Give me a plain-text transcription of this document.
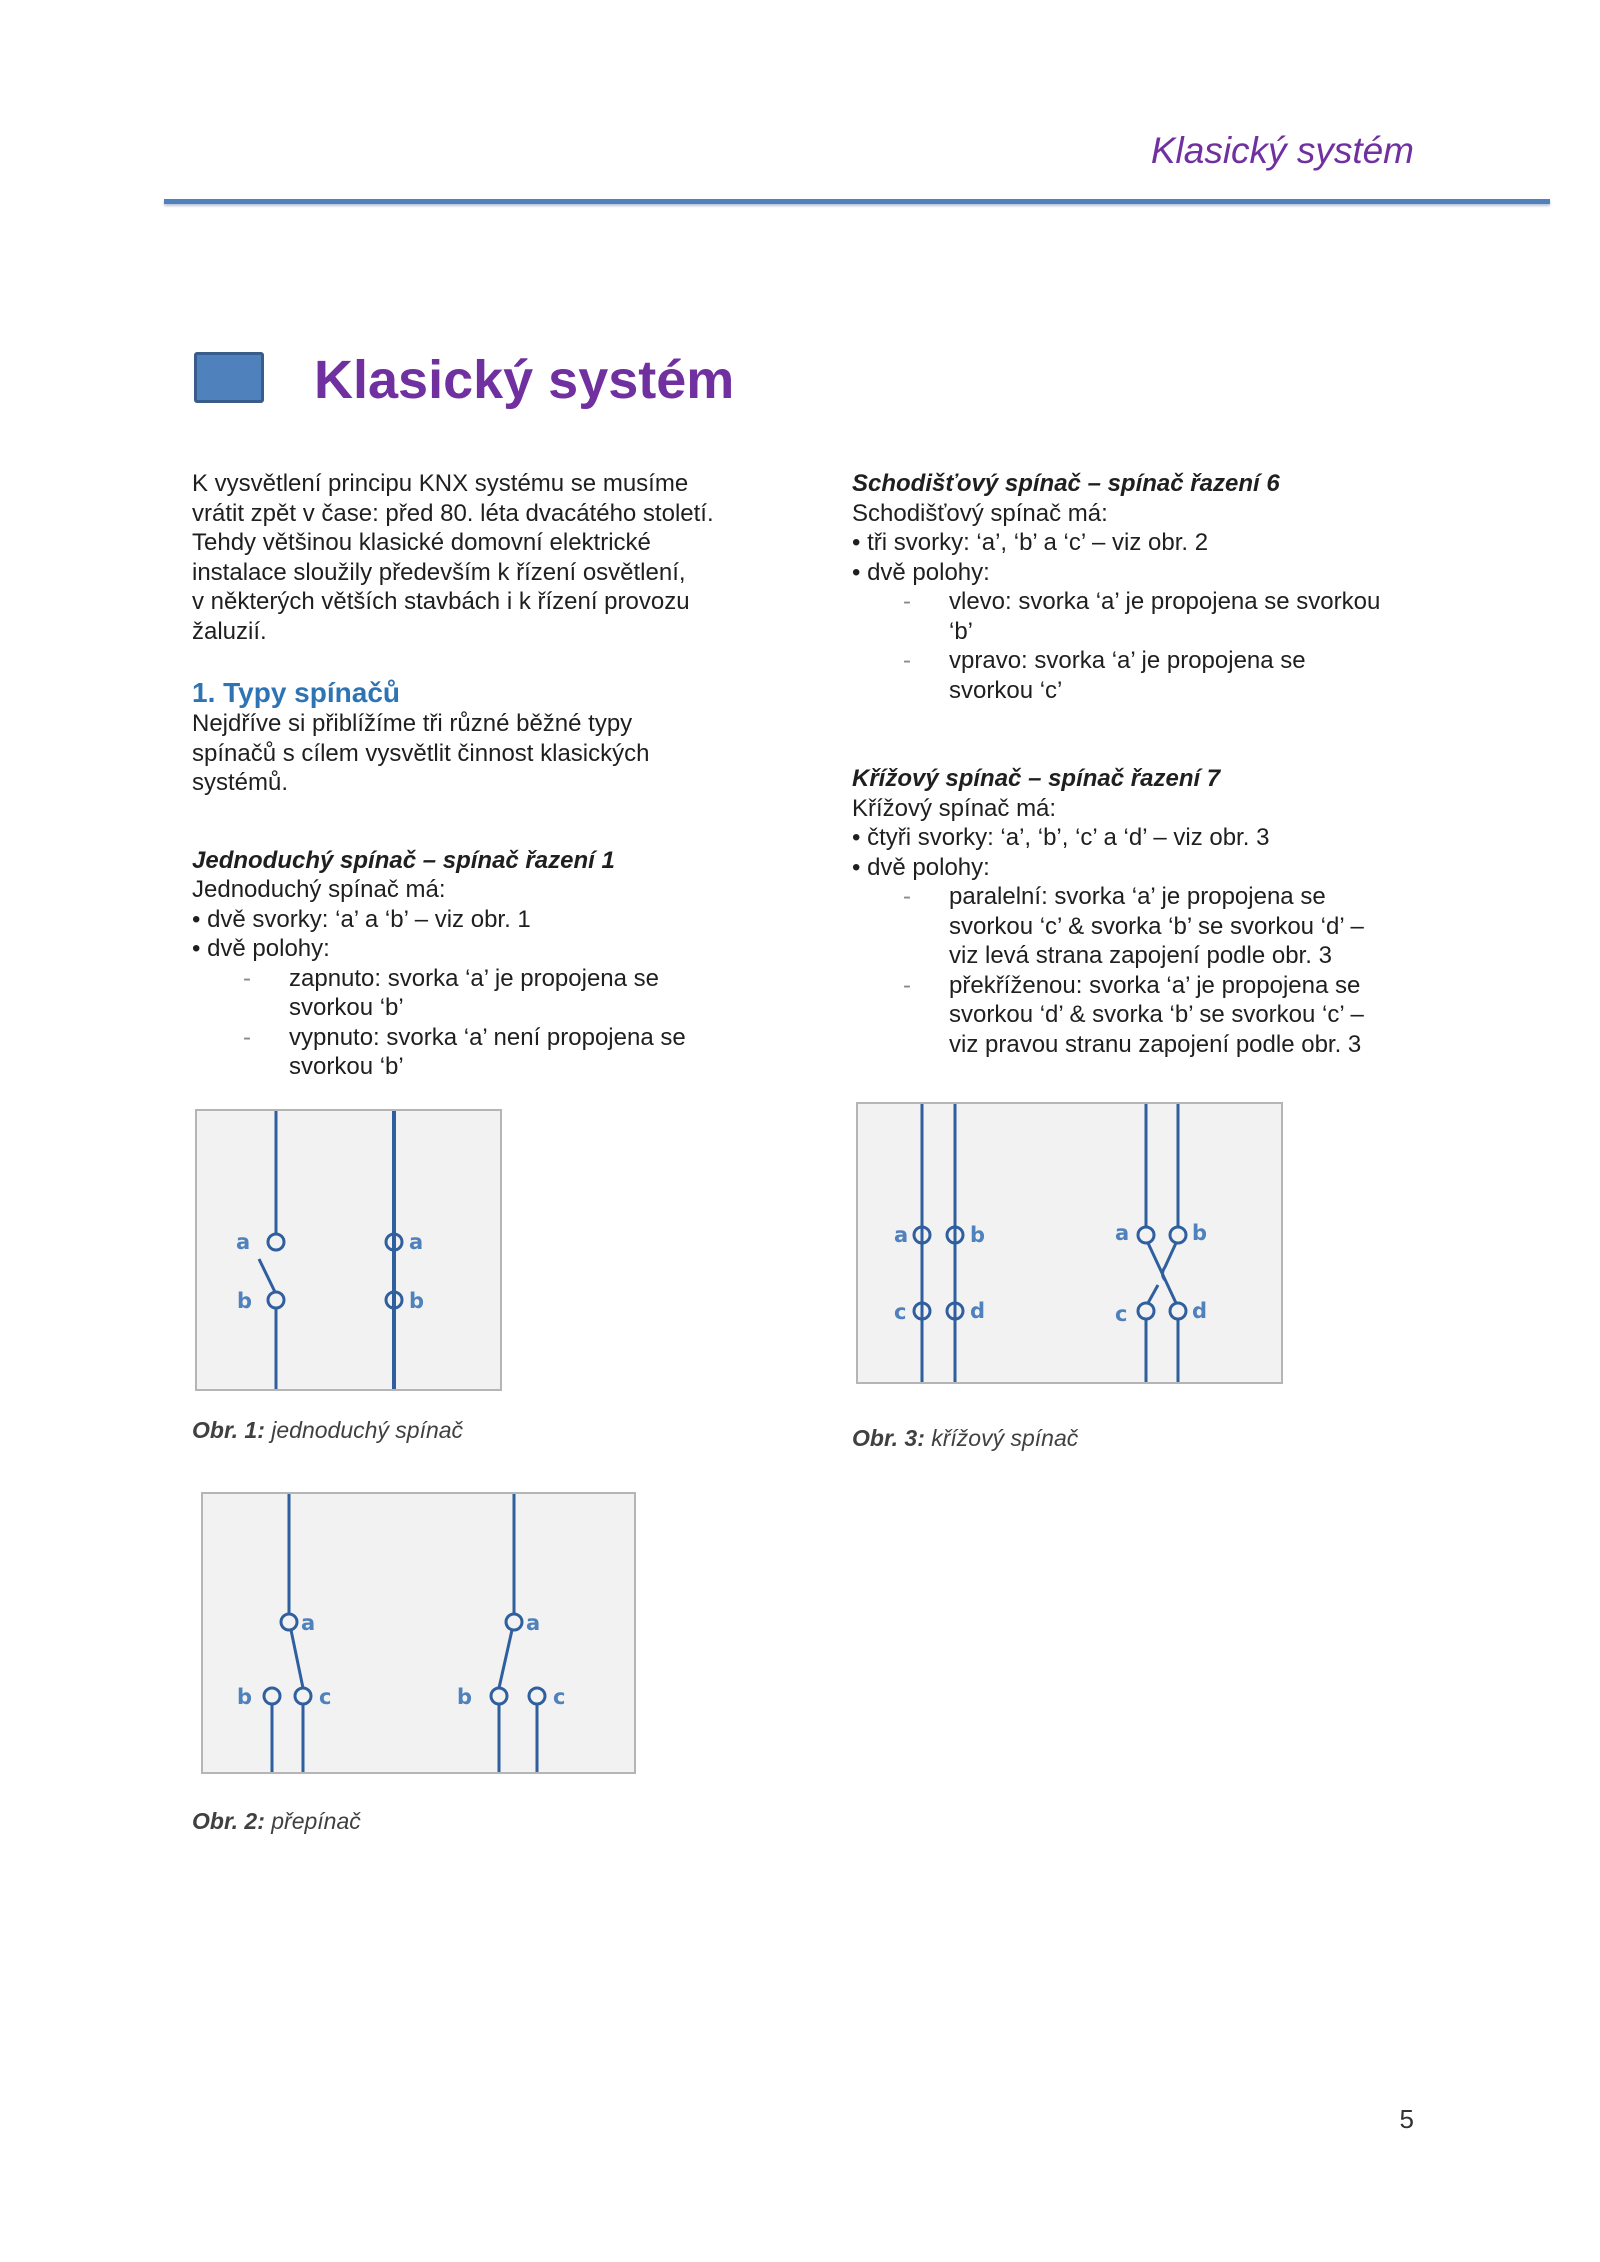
Klasický systém
Klasický systém

K vysvětlení principu KNX systému se musíme

vrátit zpět v čase: před 80. léta dvacátého století.

Tehdy většinou klasické domovní elektrické

instalace sloužily především k řízení osvětlení,

v některých větších stavbách i k řízení provozu

žaluzií.

1. Typy spínačů

Nejdříve si přiblížíme tři různé běžné typy

spínačů s cílem vysvětlit činnost klasických

systémů.

Jednoduchý spínač – spínač řazení 1

Jednoduchý spínač má:

• dvě svorky: ‘a’ a ‘b’ – viz obr. 1

• dvě polohy:

- zapnuto: svorka ‘a’ je propojena se
svorkou ‘b’
- vypnuto: svorka ‘a’ není propojena se
svorkou ‘b’

Schodišťový spínač – spínač řazení 6

Schodišťový spínač má:

• tři svorky: ‘a’, ‘b’ a ‘c’ – viz obr. 2

• dvě polohy:

- vlevo: svorka ‘a’ je propojena se svorkou
‘b’
- vpravo: svorka ‘a’ je propojena se
svorkou ‘c’

Křížový spínač – spínač řazení 7

Křížový spínač má:

• čtyři svorky: ‘a’, ‘b’, ‘c’ a ‘d’ – viz obr. 3

• dvě polohy:

- paralelní: svorka ‘a’ je propojena se
svorkou ‘c’ & svorka ‘b’ se svorkou ‘d’ –
viz levá strana zapojení podle obr. 3
- překříženou: svorka ‘a’ je propojena se
svorkou ‘d’ & svorka ‘b’ se svorkou ‘c’ –
viz pravou stranu zapojení podle obr. 3
a
b
a
b
Obr. 1: jednoduchý spínač
a
b	c
a
b	c
Obr. 2: přepínač
a	b
c	d
a	b
c	d
Obr. 3: křížový spínač
5
